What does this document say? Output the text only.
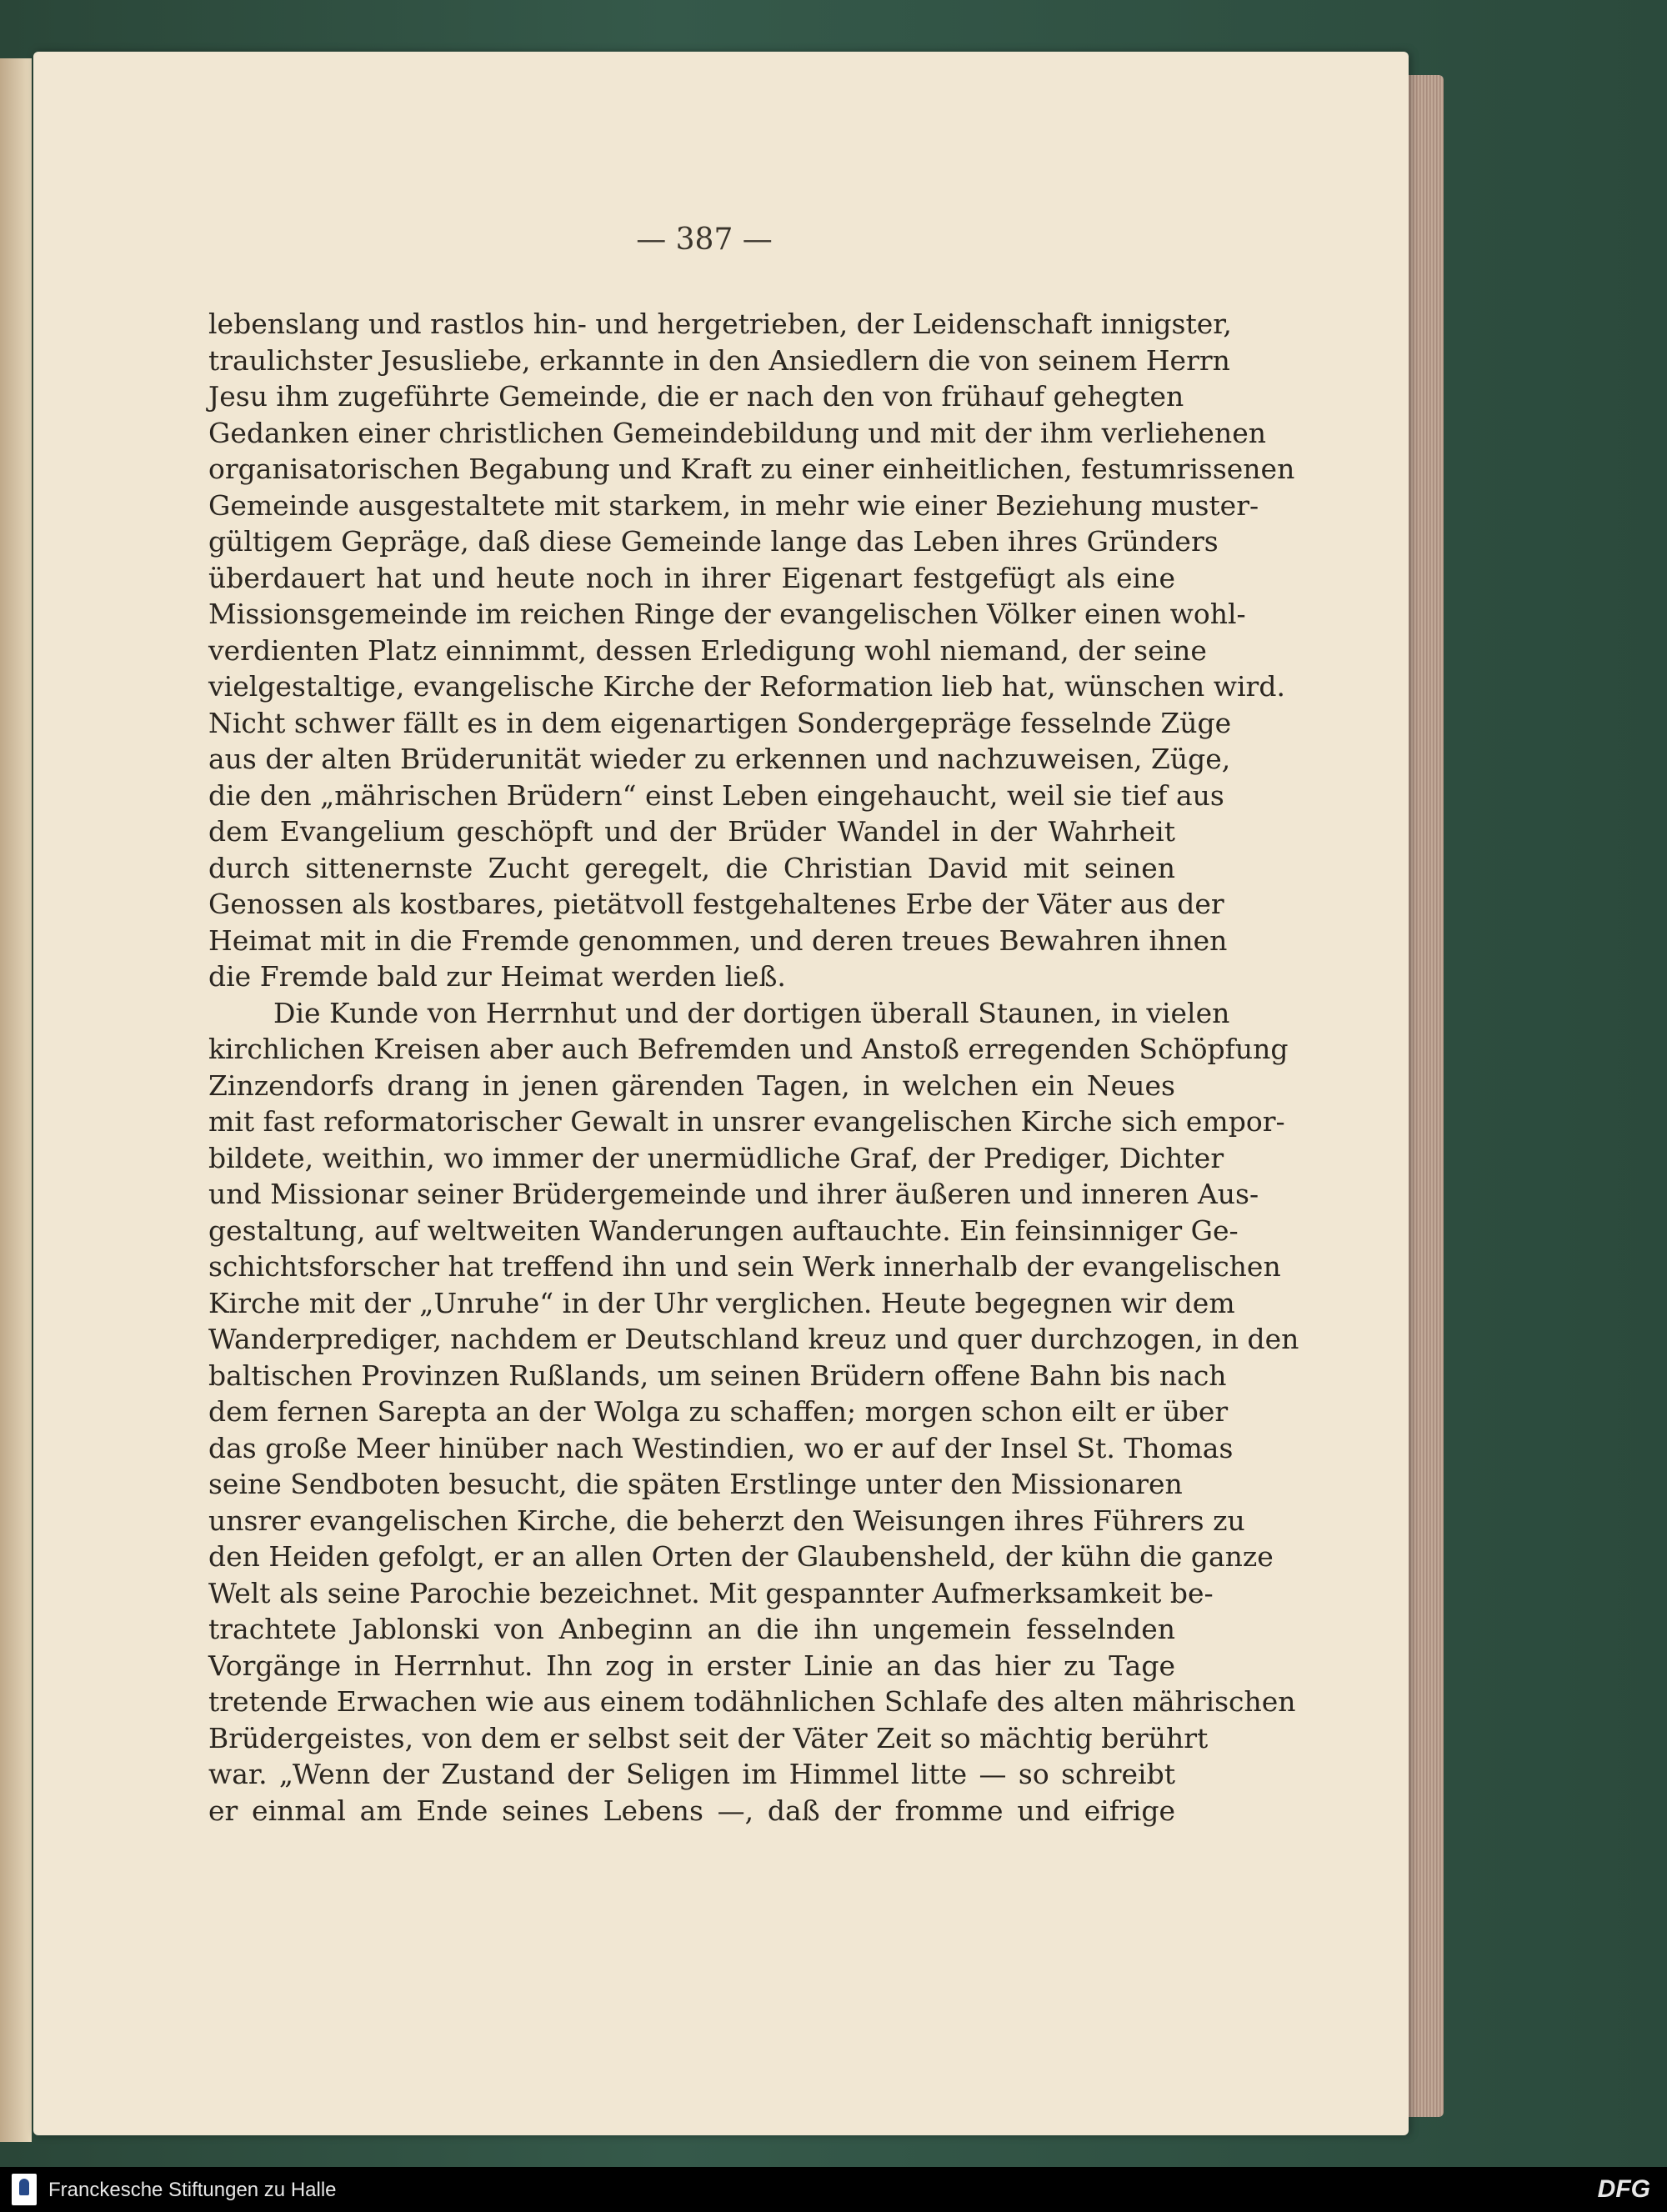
— 387 —
lebenslang und rastlos hin- und hergetrieben, der Leidenschaft innigster,
traulichster Jesusliebe, erkannte in den Ansiedlern die von seinem Herrn
Jesu ihm zugeführte Gemeinde, die er nach den von frühauf gehegten
Gedanken einer christlichen Gemeindebildung und mit der ihm verliehenen
organisatorischen Begabung und Kraft zu einer einheitlichen, festumrissenen
Gemeinde ausgestaltete mit starkem, in mehr wie einer Beziehung muster-
gültigem Gepräge, daß diese Gemeinde lange das Leben ihres Gründers
überdauert hat und heute noch in ihrer Eigenart festgefügt als eine
Missionsgemeinde im reichen Ringe der evangelischen Völker einen wohl-
verdienten Platz einnimmt, dessen Erledigung wohl niemand, der seine
vielgestaltige, evangelische Kirche der Reformation lieb hat, wünschen wird.
Nicht schwer fällt es in dem eigenartigen Sondergepräge fesselnde Züge
aus der alten Brüderunität wieder zu erkennen und nachzuweisen, Züge,
die den „mährischen Brüdern“ einst Leben eingehaucht, weil sie tief aus
dem Evangelium geschöpft und der Brüder Wandel in der Wahrheit
durch sittenernste Zucht geregelt, die Christian David mit seinen
Genossen als kostbares, pietätvoll festgehaltenes Erbe der Väter aus der
Heimat mit in die Fremde genommen, und deren treues Bewahren ihnen
die Fremde bald zur Heimat werden ließ.
Die Kunde von Herrnhut und der dortigen überall Staunen, in vielen
kirchlichen Kreisen aber auch Befremden und Anstoß erregenden Schöpfung
Zinzendorfs drang in jenen gärenden Tagen, in welchen ein Neues
mit fast reformatorischer Gewalt in unsrer evangelischen Kirche sich empor-
bildete, weithin, wo immer der unermüdliche Graf, der Prediger, Dichter
und Missionar seiner Brüdergemeinde und ihrer äußeren und inneren Aus-
gestaltung, auf weltweiten Wanderungen auftauchte. Ein feinsinniger Ge-
schichtsforscher hat treffend ihn und sein Werk innerhalb der evangelischen
Kirche mit der „Unruhe“ in der Uhr verglichen. Heute begegnen wir dem
Wanderprediger, nachdem er Deutschland kreuz und quer durchzogen, in den
baltischen Provinzen Rußlands, um seinen Brüdern offene Bahn bis nach
dem fernen Sarepta an der Wolga zu schaffen; morgen schon eilt er über
das große Meer hinüber nach Westindien, wo er auf der Insel St. Thomas
seine Sendboten besucht, die späten Erstlinge unter den Missionaren
unsrer evangelischen Kirche, die beherzt den Weisungen ihres Führers zu
den Heiden gefolgt, er an allen Orten der Glaubensheld, der kühn die ganze
Welt als seine Parochie bezeichnet. Mit gespannter Aufmerksamkeit be-
trachtete Jablonski von Anbeginn an die ihn ungemein fesselnden
Vorgänge in Herrnhut. Ihn zog in erster Linie an das hier zu Tage
tretende Erwachen wie aus einem todähnlichen Schlafe des alten mährischen
Brüdergeistes, von dem er selbst seit der Väter Zeit so mächtig berührt
war. „Wenn der Zustand der Seligen im Himmel litte — so schreibt
er einmal am Ende seines Lebens —, daß der fromme und eifrige
Franckesche Stiftungen zu Halle	DFG
